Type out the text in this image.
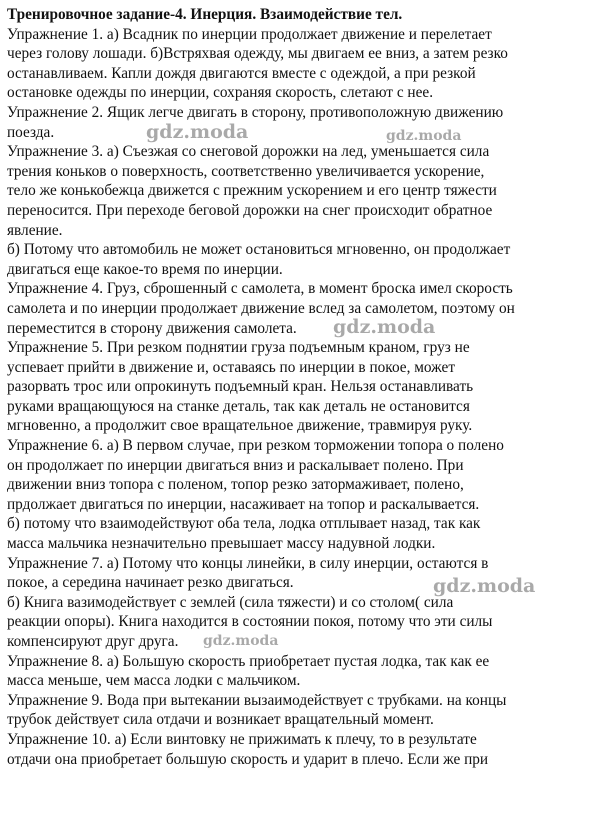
Тренировочное задание-4. Инерция. Взаимодействие тел.

Упражнение 1. а) Всадник по инерции продолжает движение и перелетает
через голову лошади. б)Встряхвая одежду, мы двигаем ее вниз, а затем резко
останавливаем. Капли дождя двигаются вместе с одеждой, а при резкой
остановке одежды по инерции, сохраняя скорость, слетают с нее.

Упражнение 2. Ящик легче двигать в сторону, противоположную движению
поезда.

Упражнение 3. а) Съезжая со снеговой дорожки на лед, уменьшается сила
трения коньков о поверхность, соответственно увеличивается ускорение,
тело же конькобежца движется с прежним ускорением и его центр тяжести
переносится. При переходе беговой дорожки на снег происходит обратное
явление.

б) Потому что автомобиль не может остановиться мгновенно, он продолжает
двигаться еще какое-то время по инерции.

Упражнение 4. Груз, сброшенный с самолета, в момент броска имел скорость
самолета и по инерции продолжает движение вслед за самолетом, поэтому он
переместится в сторону движения самолета.

Упражнение 5. При резком поднятии груза подъемным краном, груз не
успевает прийти в движение и, оставаясь по инерции в покое, может
разорвать трос или опрокинуть подъемный кран. Нельзя останавливать
руками вращающуюся на станке деталь, так как деталь не остановится
мгновенно, а продолжит свое вращательное движение, травмируя руку.

Упражнение 6. а) В первом случае, при резком торможении топора о полено
он продолжает по инерции двигаться вниз и раскалывает полено. При
движении вниз топора с поленом, топор резко затормаживает, полено,
прдолжает двигаться по инерции, насаживает на топор и раскалывается.

б) потому что взаимодействуют оба тела, лодка отплывает назад, так как
масса мальчика незначительно превышает массу надувной лодки.

Упражнение 7. а) Потому что концы линейки, в силу инерции, остаются в
покое, а середина начинает резко двигаться.

б) Книга вазимодействует с землей (сила тяжести) и со столом( сила
реакции опоры). Книга находится в состоянии покоя, потому что эти силы
компенсируют друг друга.

Упражнение 8. а) Большую скорость приобретает пустая лодка, так как ее
масса меньше, чем масса лодки с мальчиком.

Упражнение 9. Вода при вытекании вызаимодействует с трубками. на концы
трубок действует сила отдачи и возникает вращательный момент.

Упражнение 10. а) Если винтовку не прижимать к плечу, то в результате
отдачи она приобретает большую скорость и ударит в плечо. Если же при

gdz.moda	gdz.moda
gdz.moda
gdz.moda
gdz.moda
